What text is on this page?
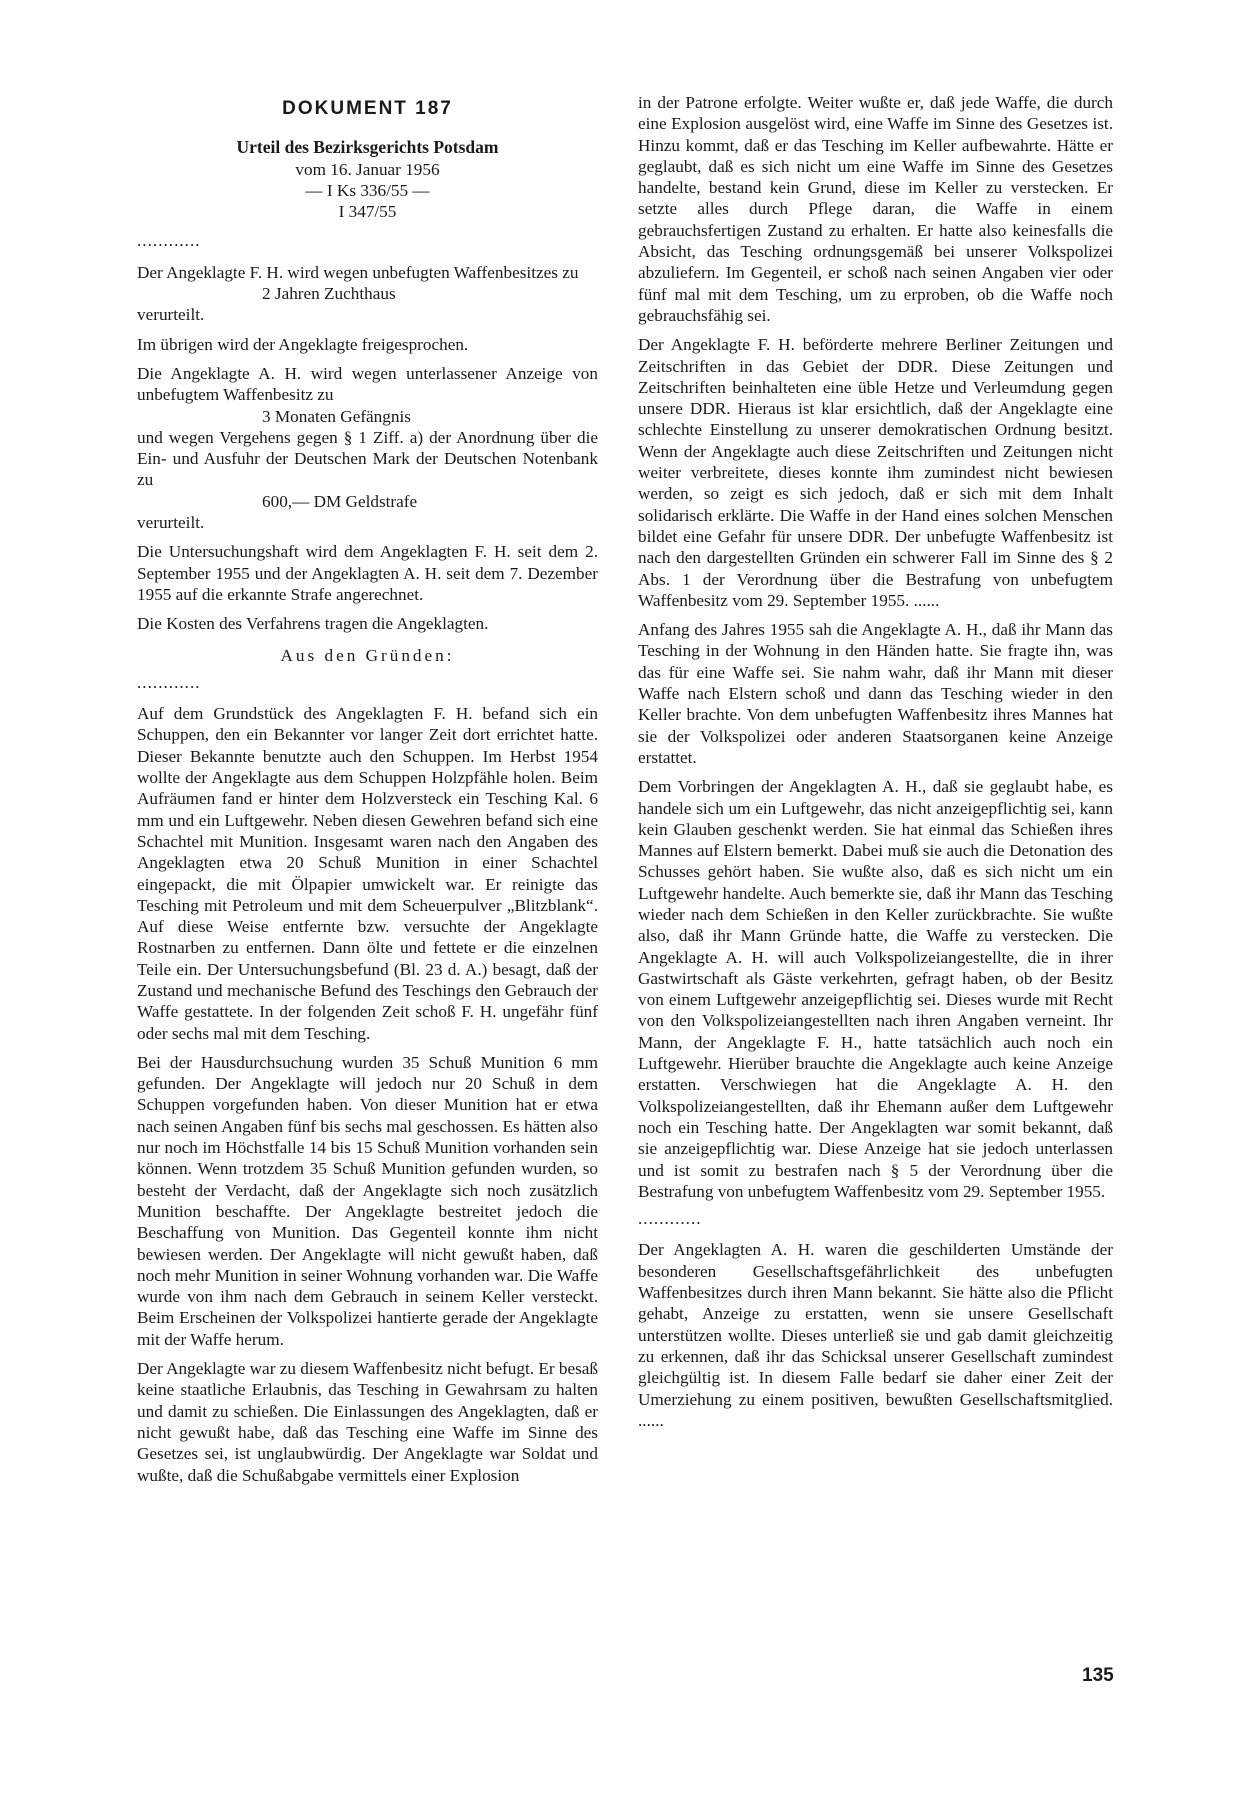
DOKUMENT 187

Urteil des Bezirksgerichts Potsdam

vom 16. Januar 1956

— I Ks 336/55 —

I 347/55

............

Der Angeklagte F. H. wird wegen unbefugten Waffenbesitzes zu

2 Jahren Zuchthaus

verurteilt.

Im übrigen wird der Angeklagte freigesprochen.

Die Angeklagte A. H. wird wegen unterlassener Anzeige von unbefugtem Waffenbesitz zu

3 Monaten Gefängnis

und wegen Vergehens gegen § 1 Ziff. a) der Anordnung über die Ein- und Ausfuhr der Deutschen Mark der Deutschen Notenbank zu

600,— DM Geldstrafe

verurteilt.

Die Untersuchungshaft wird dem Angeklagten F. H. seit dem 2. September 1955 und der Angeklagten A. H. seit dem 7. Dezember 1955 auf die erkannte Strafe angerechnet.

Die Kosten des Verfahrens tragen die Angeklagten.

Aus den Gründen:

............

Auf dem Grundstück des Angeklagten F. H. befand sich ein Schuppen, den ein Bekannter vor langer Zeit dort errichtet hatte. Dieser Bekannte benutzte auch den Schuppen. Im Herbst 1954 wollte der Angeklagte aus dem Schuppen Holzpfähle holen. Beim Aufräumen fand er hinter dem Holzversteck ein Tesching Kal. 6 mm und ein Luftgewehr. Neben diesen Gewehren befand sich eine Schachtel mit Munition. Insgesamt waren nach den Angaben des Angeklagten etwa 20 Schuß Munition in einer Schachtel eingepackt, die mit Ölpapier umwickelt war. Er reinigte das Tesching mit Petroleum und mit dem Scheuerpulver „Blitzblank“. Auf diese Weise entfernte bzw. versuchte der Angeklagte Rostnarben zu entfernen. Dann ölte und fettete er die einzelnen Teile ein. Der Untersuchungsbefund (Bl. 23 d. A.) besagt, daß der Zustand und mechanische Befund des Teschings den Gebrauch der Waffe gestattete. In der folgenden Zeit schoß F. H. ungefähr fünf oder sechs mal mit dem Tesching.

Bei der Hausdurchsuchung wurden 35 Schuß Munition 6 mm gefunden. Der Angeklagte will jedoch nur 20 Schuß in dem Schuppen vorgefunden haben. Von dieser Munition hat er etwa nach seinen Angaben fünf bis sechs mal geschossen. Es hätten also nur noch im Höchstfalle 14 bis 15 Schuß Munition vorhanden sein können. Wenn trotzdem 35 Schuß Munition gefunden wurden, so besteht der Verdacht, daß der Angeklagte sich noch zusätzlich Munition beschaffte. Der Angeklagte bestreitet jedoch die Beschaffung von Munition. Das Gegenteil konnte ihm nicht bewiesen werden. Der Angeklagte will nicht gewußt haben, daß noch mehr Munition in seiner Wohnung vorhanden war. Die Waffe wurde von ihm nach dem Gebrauch in seinem Keller versteckt. Beim Erscheinen der Volkspolizei hantierte gerade der Angeklagte mit der Waffe herum.

Der Angeklagte war zu diesem Waffenbesitz nicht befugt. Er besaß keine staatliche Erlaubnis, das Tesching in Gewahrsam zu halten und damit zu schießen. Die Einlassungen des Angeklagten, daß er nicht gewußt habe, daß das Tesching eine Waffe im Sinne des Gesetzes sei, ist unglaubwürdig. Der Angeklagte war Soldat und wußte, daß die Schußabgabe vermittels einer Explosion

in der Patrone erfolgte. Weiter wußte er, daß jede Waffe, die durch eine Explosion ausgelöst wird, eine Waffe im Sinne des Gesetzes ist. Hinzu kommt, daß er das Tesching im Keller aufbewahrte. Hätte er geglaubt, daß es sich nicht um eine Waffe im Sinne des Gesetzes handelte, bestand kein Grund, diese im Keller zu verstecken. Er setzte alles durch Pflege daran, die Waffe in einem gebrauchsfertigen Zustand zu erhalten. Er hatte also keinesfalls die Absicht, das Tesching ordnungsgemäß bei unserer Volkspolizei abzuliefern. Im Gegenteil, er schoß nach seinen Angaben vier oder fünf mal mit dem Tesching, um zu erproben, ob die Waffe noch gebrauchsfähig sei.

Der Angeklagte F. H. beförderte mehrere Berliner Zeitungen und Zeitschriften in das Gebiet der DDR. Diese Zeitungen und Zeitschriften beinhalteten eine üble Hetze und Verleumdung gegen unsere DDR. Hieraus ist klar ersichtlich, daß der Angeklagte eine schlechte Einstellung zu unserer demokratischen Ordnung besitzt. Wenn der Angeklagte auch diese Zeitschriften und Zeitungen nicht weiter verbreitete, dieses konnte ihm zumindest nicht bewiesen werden, so zeigt es sich jedoch, daß er sich mit dem Inhalt solidarisch erklärte. Die Waffe in der Hand eines solchen Menschen bildet eine Gefahr für unsere DDR. Der unbefugte Waffenbesitz ist nach den dargestellten Gründen ein schwerer Fall im Sinne des § 2 Abs. 1 der Verordnung über die Bestrafung von unbefugtem Waffenbesitz vom 29. September 1955. ......

Anfang des Jahres 1955 sah die Angeklagte A. H., daß ihr Mann das Tesching in der Wohnung in den Händen hatte. Sie fragte ihn, was das für eine Waffe sei. Sie nahm wahr, daß ihr Mann mit dieser Waffe nach Elstern schoß und dann das Tesching wieder in den Keller brachte. Von dem unbefugten Waffenbesitz ihres Mannes hat sie der Volkspolizei oder anderen Staatsorganen keine Anzeige erstattet.

Dem Vorbringen der Angeklagten A. H., daß sie geglaubt habe, es handele sich um ein Luftgewehr, das nicht anzeigepflichtig sei, kann kein Glauben geschenkt werden. Sie hat einmal das Schießen ihres Mannes auf Elstern bemerkt. Dabei muß sie auch die Detonation des Schusses gehört haben. Sie wußte also, daß es sich nicht um ein Luftgewehr handelte. Auch bemerkte sie, daß ihr Mann das Tesching wieder nach dem Schießen in den Keller zurückbrachte. Sie wußte also, daß ihr Mann Gründe hatte, die Waffe zu verstecken. Die Angeklagte A. H. will auch Volkspolizeiangestellte, die in ihrer Gastwirtschaft als Gäste verkehrten, gefragt haben, ob der Besitz von einem Luftgewehr anzeigepflichtig sei. Dieses wurde mit Recht von den Volkspolizeiangestellten nach ihren Angaben verneint. Ihr Mann, der Angeklagte F. H., hatte tatsächlich auch noch ein Luftgewehr. Hierüber brauchte die Angeklagte auch keine Anzeige erstatten. Verschwiegen hat die Angeklagte A. H. den Volkspolizeiangestellten, daß ihr Ehemann außer dem Luftgewehr noch ein Tesching hatte. Der Angeklagten war somit bekannt, daß sie anzeigepflichtig war. Diese Anzeige hat sie jedoch unterlassen und ist somit zu bestrafen nach § 5 der Verordnung über die Bestrafung von unbefugtem Waffenbesitz vom 29. September 1955.

............

Der Angeklagten A. H. waren die geschilderten Umstände der besonderen Gesellschaftsgefährlichkeit des unbefugten Waffenbesitzes durch ihren Mann bekannt. Sie hätte also die Pflicht gehabt, Anzeige zu erstatten, wenn sie unsere Gesellschaft unterstützen wollte. Dieses unterließ sie und gab damit gleichzeitig zu erkennen, daß ihr das Schicksal unserer Gesellschaft zumindest gleichgültig ist. In diesem Falle bedarf sie daher einer Zeit der Umerziehung zu einem positiven, bewußten Gesellschaftsmitglied. ......

135
